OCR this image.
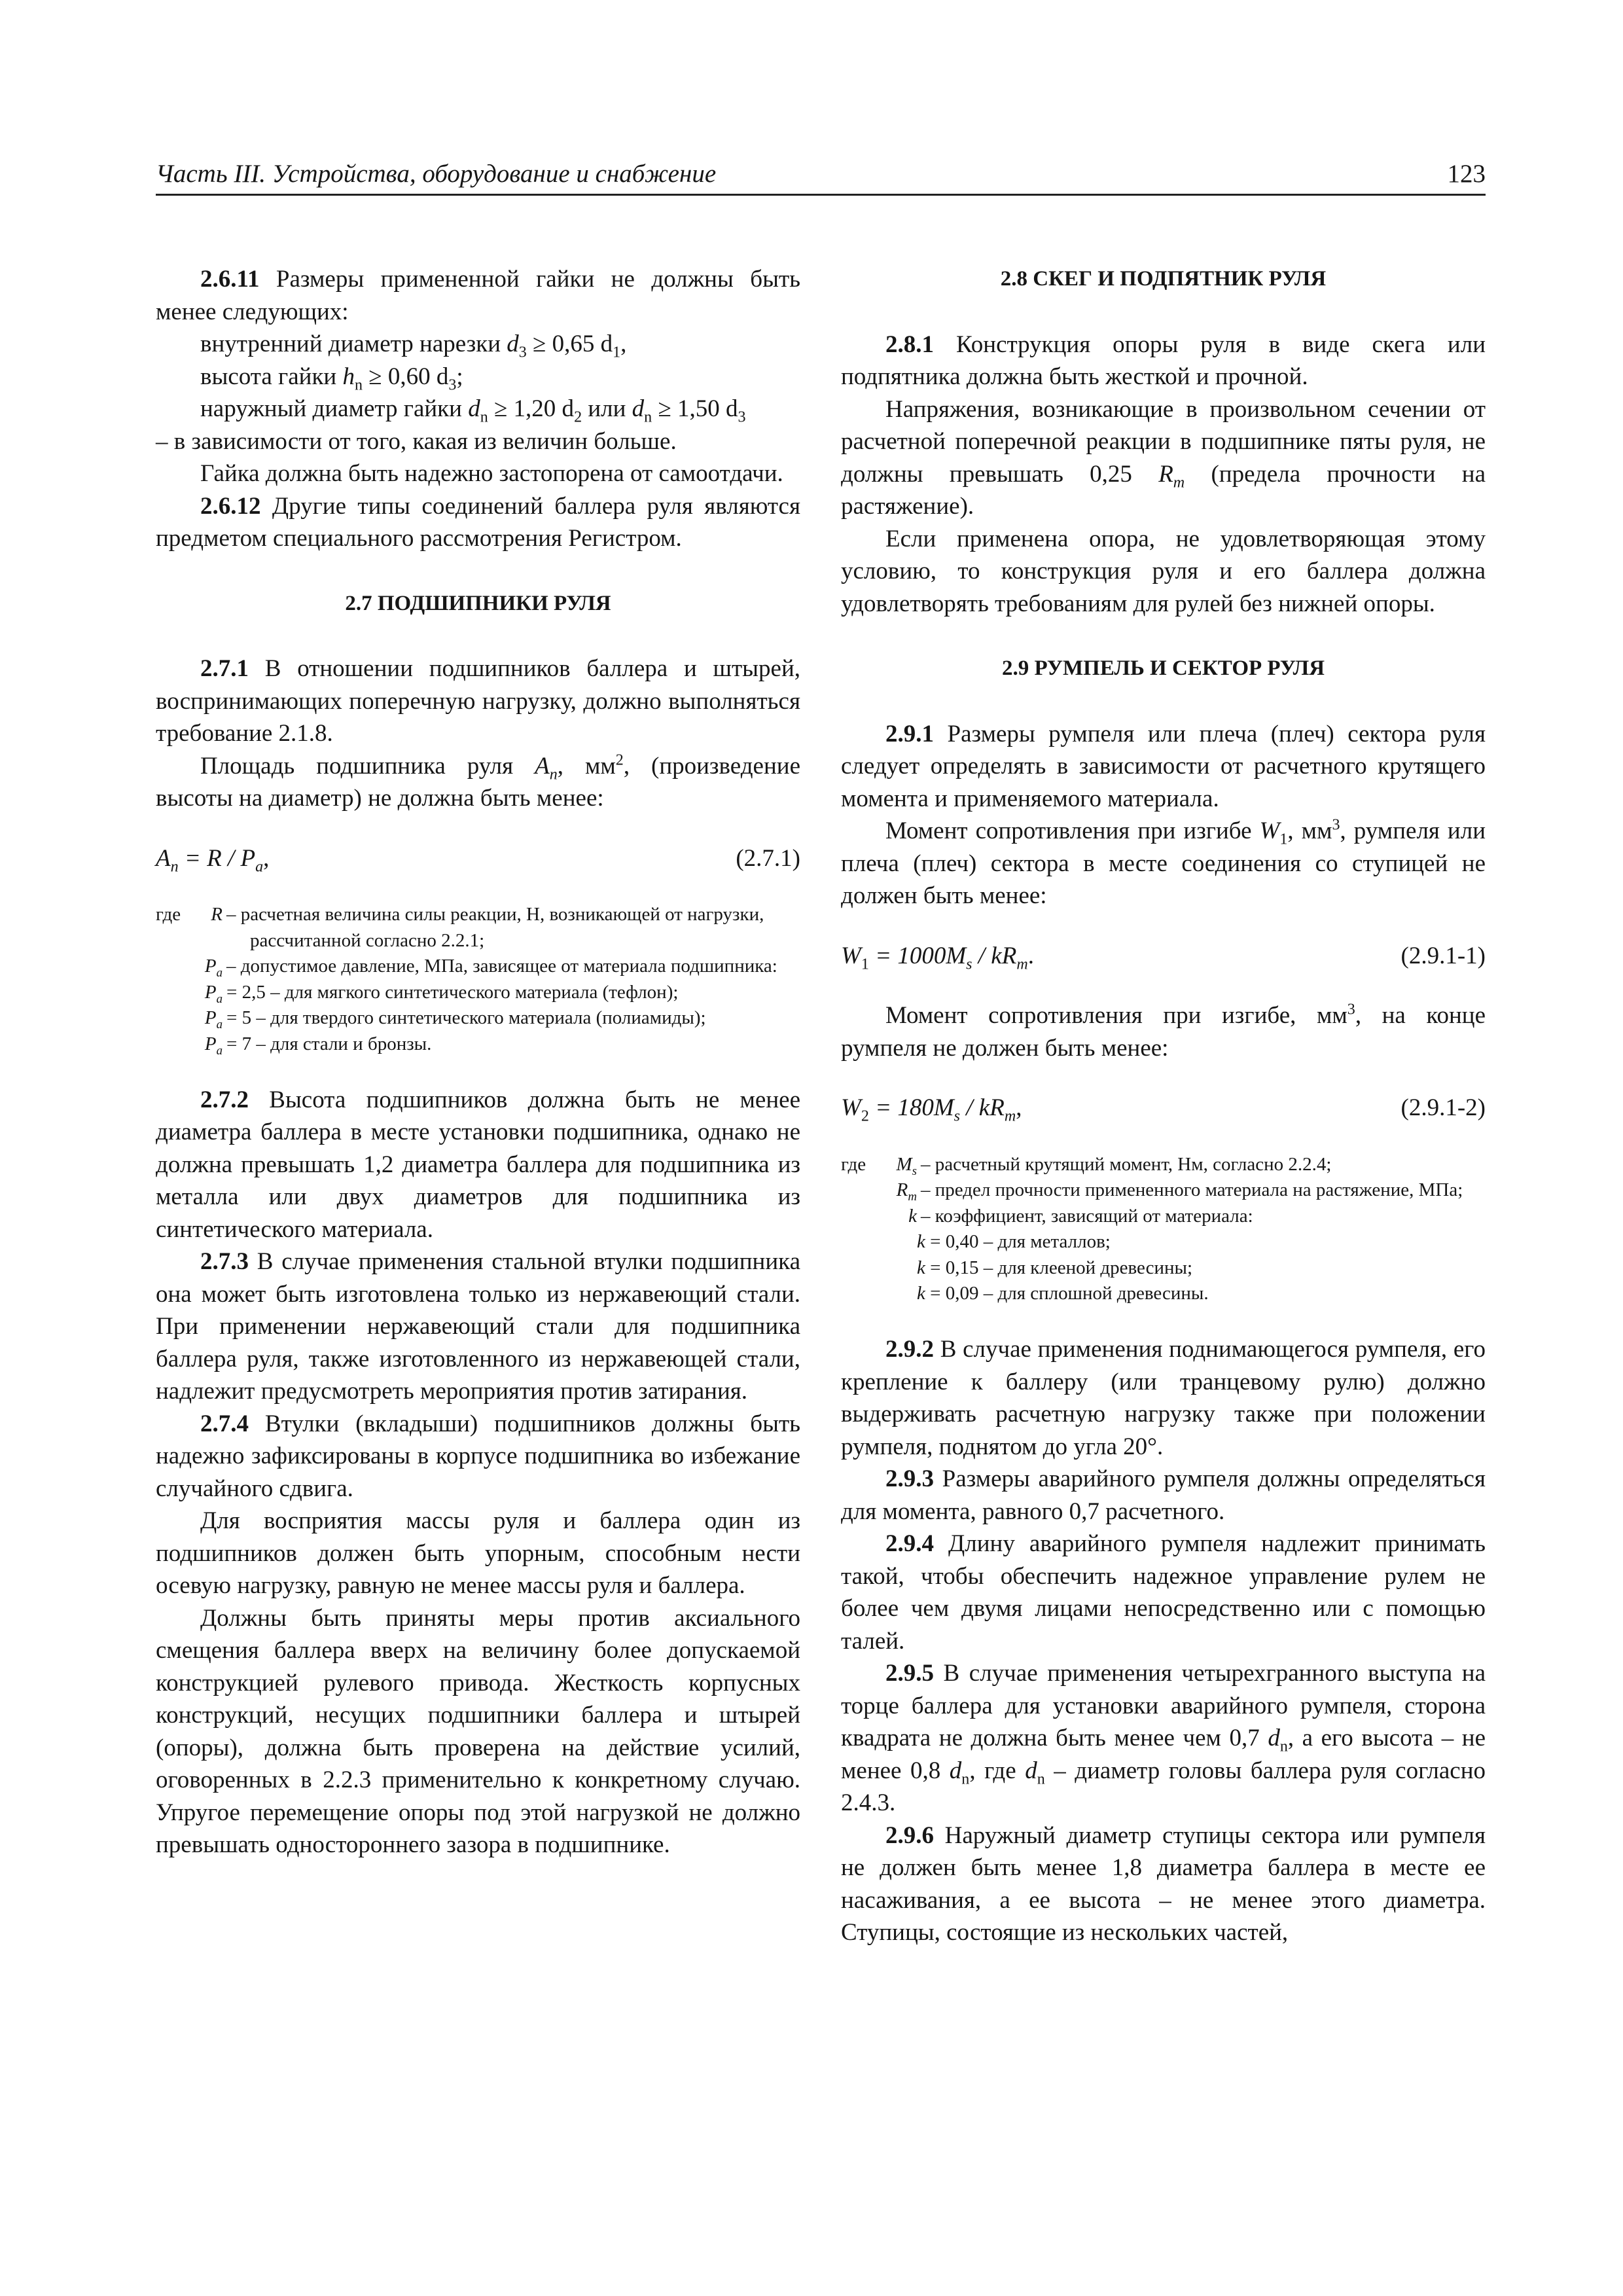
Часть III. Устройства, оборудование и снабжение	123

2.6.11 Размеры примененной гайки не должны быть менее следующих:

внутренний диаметр нарезки $d_3 \ge 0,65$ $d_1$,

высота гайки $h_n \ge 0,60$ $d_3$;

наружный диаметр гайки $d_n \ge 1,20$ $d_2$ или $d_n \ge 1,50$ $d_3$

– в зависимости от того, какая из величин больше.

Гайка должна быть надежно застопорена от самоотдачи.

2.6.12 Другие типы соединений баллера руля являются предметом специального рассмотрения Регистром.

2.7 ПОДШИПНИКИ РУЛЯ

2.7.1 В отношении подшипников баллера и штырей, воспринимающих поперечную нагрузку, должно выполняться требование 2.1.8.

Площадь подшипника руля $A_n$, $мм^2$, (произведение высоты на диаметр) не должна быть менее:

$A_n = R / P_a$,	(2.7.1)
где	R – расчетная величина силы реакции, Н, возникающей от нагрузки, рассчитанной согласно 2.2.1;
$P_a$ – допустимое давление, МПа, зависящее от материала подшипника:
$P_a = 2,5$ – для мягкого синтетического материала (тефлон);
$P_a = 5$ – для твердого синтетического материала (полиамиды);
$P_a = 7$ – для стали и бронзы.

2.7.2 Высота подшипников должна быть не менее диаметра баллера в месте установки подшипника, однако не должна превышать 1,2 диаметра баллера для подшипника из металла или двух диаметров для подшипника из синтетического материала.

2.7.3 В случае применения стальной втулки подшипника она может быть изготовлена только из нержавеющий стали. При применении нержавеющий стали для подшипника баллера руля, также изготовленного из нержавеющей стали, надлежит предусмотреть мероприятия против затирания.

2.7.4 Втулки (вкладыши) подшипников должны быть надежно зафиксированы в корпусе подшипника во избежание случайного сдвига.

Для восприятия массы руля и баллера один из подшипников должен быть упорным, способным нести осевую нагрузку, равную не менее массы руля и баллера.

Должны быть приняты меры против аксиального смещения баллера вверх на величину более допускаемой конструкцией рулевого привода. Жесткость корпусных конструкций, несущих подшипники баллера и штырей (опоры), должна быть проверена на действие усилий, оговоренных в 2.2.3 применительно к конкретному случаю. Упругое перемещение опоры под этой нагрузкой не должно превышать одностороннего зазора в подшипнике.

2.8 СКЕГ И ПОДПЯТНИК РУЛЯ

2.8.1 Конструкция опоры руля в виде скега или подпятника должна быть жесткой и прочной.

Напряжения, возникающие в произвольном сечении от расчетной поперечной реакции в подшипнике пяты руля, не должны превышать 0,25 $R_m$ (предела прочности на растяжение).

Если применена опора, не удовлетворяющая этому условию, то конструкция руля и его баллера должна удовлетворять требованиям для рулей без нижней опоры.

2.9 РУМПЕЛЬ И СЕКТОР РУЛЯ

2.9.1 Размеры румпеля или плеча (плеч) сектора руля следует определять в зависимости от расчетного крутящего момента и применяемого материала.

Момент сопротивления при изгибе $W_1$, $мм^3$, румпеля или плеча (плеч) сектора в месте соединения со ступицей не должен быть менее:

$W_1 = 1000M_s / kR_m$.	(2.9.1-1)

Момент сопротивления при изгибе, $мм^3$, на конце румпеля не должен быть менее:

$W_2 = 180M_s / kR_m$,	(2.9.1-2)
где	$M_s$ – расчетный крутящий момент, Нм, согласно 2.2.4;
$R_m$ – предел прочности примененного материала на растяжение, МПа;
k – коэффициент, зависящий от материала:
k = 0,40 – для металлов;
k = 0,15 – для клееной древесины;
k = 0,09 – для сплошной древесины.

2.9.2 В случае применения поднимающегося румпеля, его крепление к баллеру (или транцевому рулю) должно выдерживать расчетную нагрузку также при положении румпеля, поднятом до угла 20°.

2.9.3 Размеры аварийного румпеля должны определяться для момента, равного 0,7 расчетного.

2.9.4 Длину аварийного румпеля надлежит принимать такой, чтобы обеспечить надежное управление рулем не более чем двумя лицами непосредственно или с помощью талей.

2.9.5 В случае применения четырехгранного выступа на торце баллера для установки аварийного румпеля, сторона квадрата не должна быть менее чем 0,7 $d_n$, а его высота – не менее 0,8 $d_n$, где $d_n$ – диаметр головы баллера руля согласно 2.4.3.

2.9.6 Наружный диаметр ступицы сектора или румпеля не должен быть менее 1,8 диаметра баллера в месте ее насаживания, а ее высота – не менее этого диаметра. Ступицы, состоящие из нескольких частей,
